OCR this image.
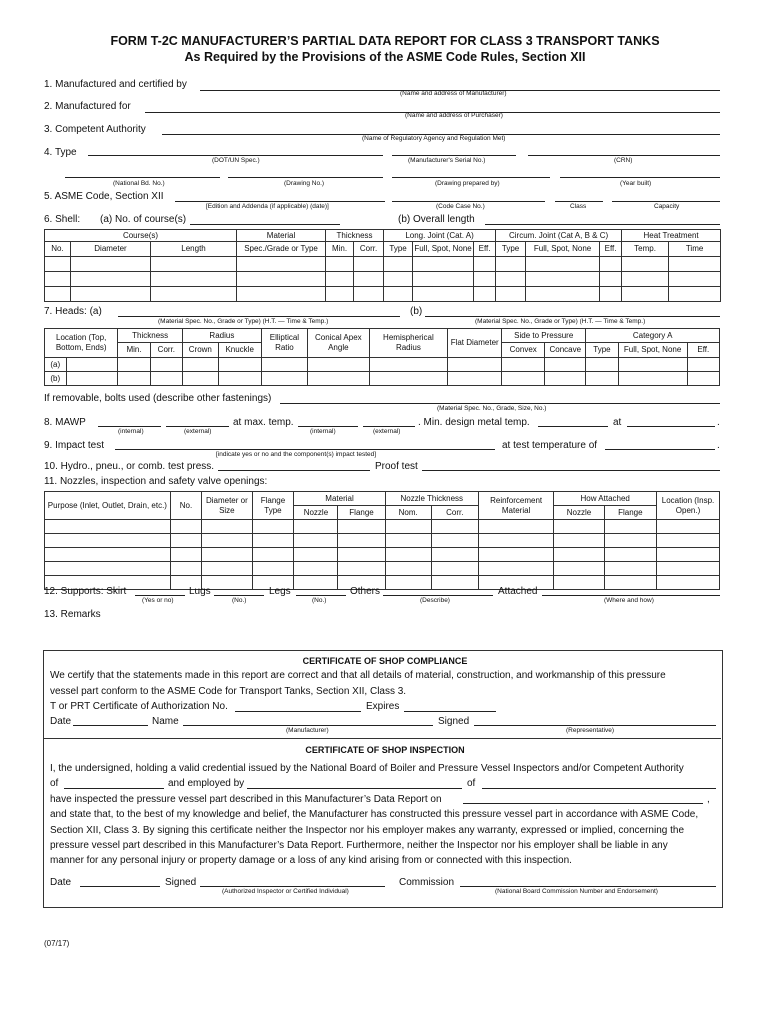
FORM T-2C MANUFACTURER’S PARTIAL DATA REPORT FOR CLASS 3 TRANSPORT TANKS
As Required by the Provisions of the ASME Code Rules, Section XII
1. Manufactured and certified by
(Name and address of Manufacturer)
2. Manufactured for
(Name and address of Purchaser)
3. Competent Authority
(Name of Regulatory Agency and Regulation Met)
4. Type
(DOT/UN Spec.)	(Manufacturer's Serial No.)	(CRN)
(National Bd. No.)	(Drawing No.)	(Drawing prepared by)	(Year built)
5. ASME Code, Section XII
[Edition and Addenda (if applicable) (date)]	(Code Case No.)	Class	Capacity
6. Shell: (a) No. of course(s)	(b) Overall length
Course(s)			Material	Thickness		Long. Joint (Cat. A)			Circum. Joint (Cat A, B & C)			Heat Treatment	
No.	Diameter	Length	Spec./Grade or Type	Min.	Corr.	Type	Full, Spot, None	Eff.	Type	Full, Spot, None	Eff.	Temp.	Time

7. Heads: (a)	(b)
(Material Spec. No., Grade or Type) (H.T. — Time & Temp.)	(Material Spec. No., Grade or Type) (H.T. — Time & Temp.)
Location (Top, Bottom, Ends)		Thickness		Radius		Elliptical Ratio	Conical Apex Angle	Hemispherical Radius	Flat Diameter	Side to Pressure		Category A		
		Min.	Corr.	Crown	Knuckle					Convex	Concave	Type	Full, Spot, None	Eff.
(a)														
(b)														
If removable, bolts used (describe other fastenings)
(Material Spec. No., Grade, Size, No.)
8. MAWP
(internal)	(external)
at max. temp.
(internal)	(external)
. Min. design metal temp.	at	.
9. Impact test
[indicate yes or no and the component(s) impact tested]
at test temperature of	.
10. Hydro., pneu., or comb. test press.	Proof test
11. Nozzles, inspection and safety valve openings:
Purpose (Inlet, Outlet, Drain, etc.)	No.	Diameter or Size	Flange Type	Material		Nozzle Thickness		Reinforcement Material	How Attached		Location (Insp. Open.)
				Nozzle	Flange	Nom.	Corr.		Nozzle	Flange	

12. Supports: Skirt
(Yes or no)
Lugs
(No.)
Legs
(No.)
Others
(Describe)
Attached
(Where and how)
13. Remarks
CERTIFICATE OF SHOP COMPLIANCE
We certify that the statements made in this report are correct and that all details of material, construction, and workmanship of this pressure
vessel part conform to the ASME Code for Transport Tanks, Section XII, Class 3.
T or PRT Certificate of Authorization No.	Expires
Date	Name
(Manufacturer)
Signed
(Representative)
CERTIFICATE OF SHOP INSPECTION
I, the undersigned, holding a valid credential issued by the National Board of Boiler and Pressure Vessel Inspectors and/or Competent Authority
of	and employed by	of
have inspected the pressure vessel part described in this Manufacturer’s Data Report on	,
and state that, to the best of my knowledge and belief, the Manufacturer has constructed this pressure vessel part in accordance with ASME Code,
Section XII, Class 3. By signing this certificate neither the Inspector nor his employer makes any warranty, expressed or implied, concerning the
pressure vessel part described in this Manufacturer’s Data Report. Furthermore, neither the Inspector nor his employer shall be liable in any
manner for any personal injury or property damage or a loss of any kind arising from or connected with this inspection.
Date	Signed
(Authorized Inspector or Certified Individual)
Commission
(National Board Commission Number and Endorsement)
(07/17)
